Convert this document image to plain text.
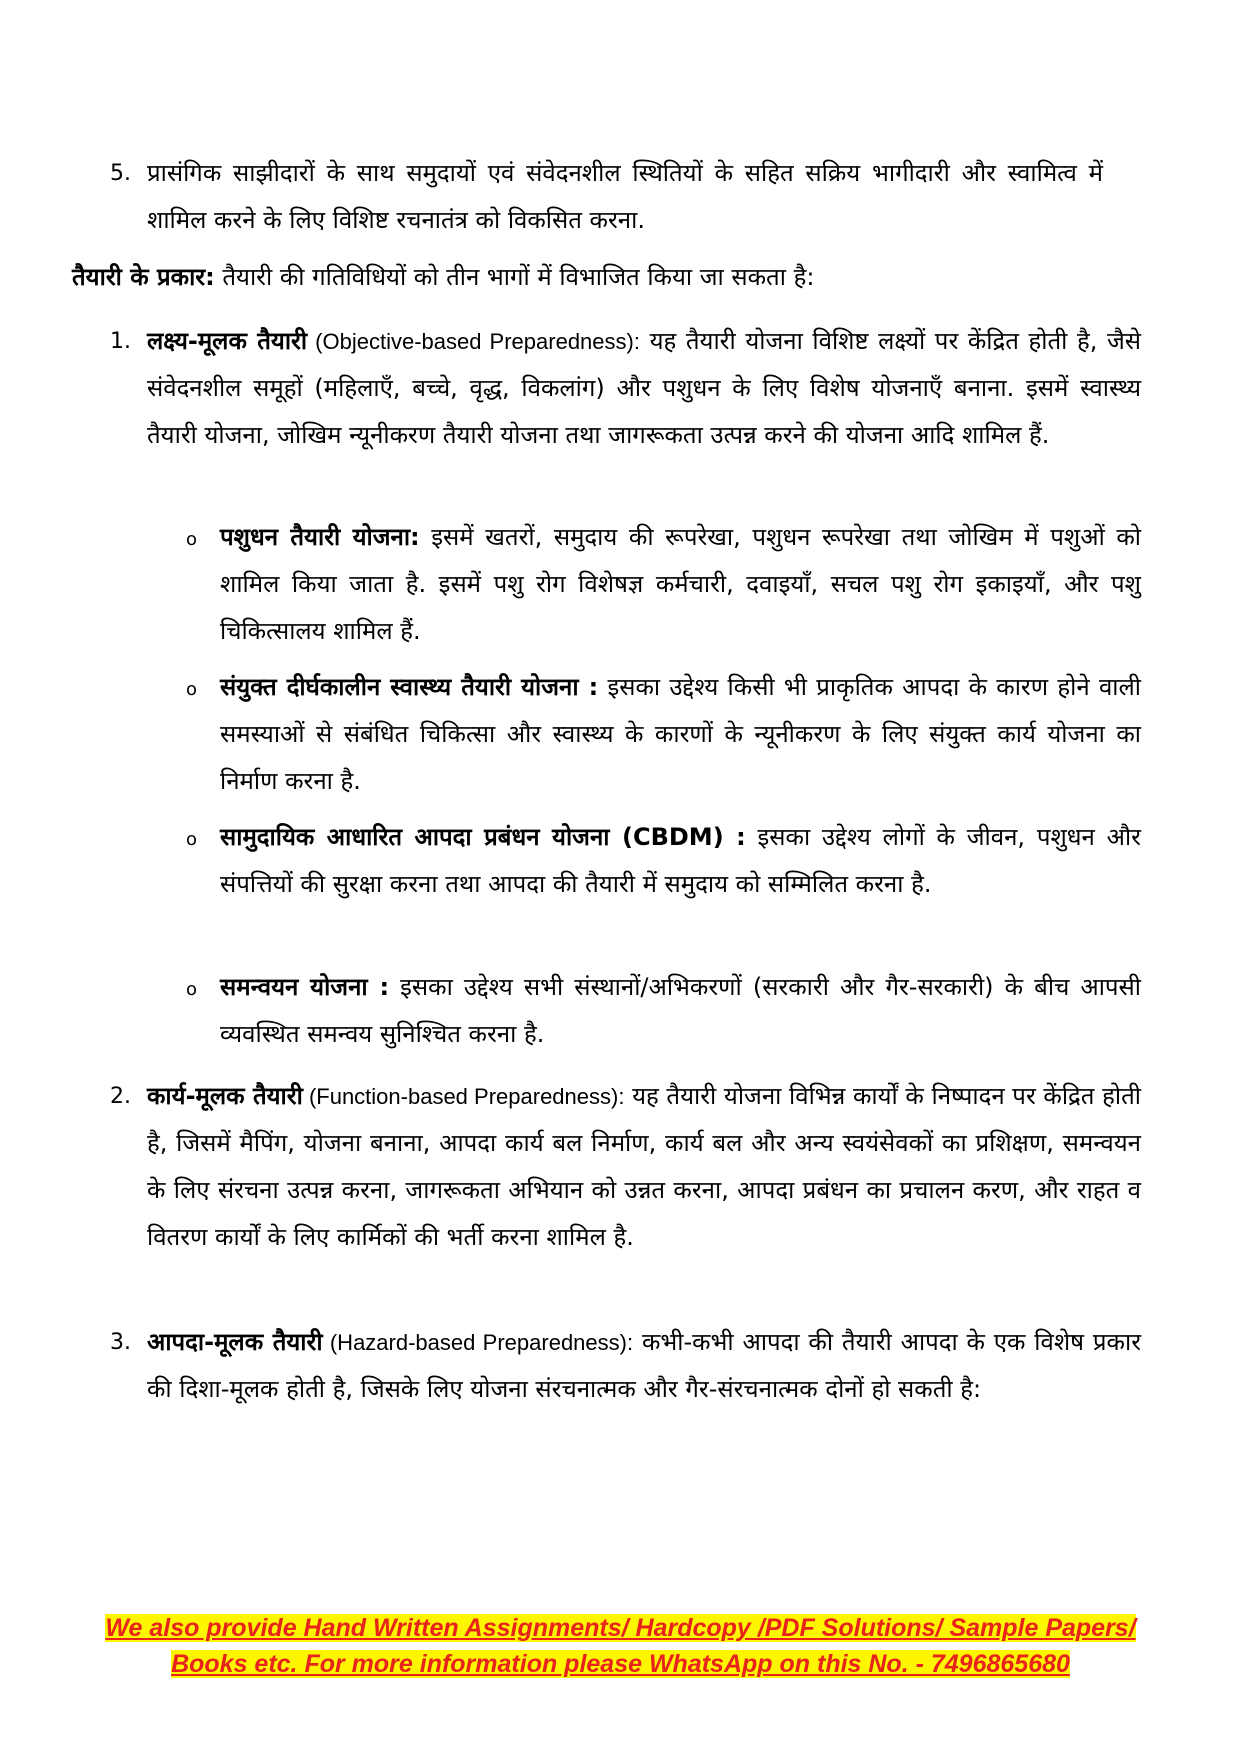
5. प्रासंगिक साझीदारों के साथ समुदायों एवं संवेदनशील स्थितियों के सहित सक्रिय भागीदारी और स्वामित्व में शामिल करने के लिए विशिष्ट रचनातंत्र को विकसित करना.
तैयारी के प्रकार: तैयारी की गतिविधियों को तीन भागों में विभाजित किया जा सकता है:
1. लक्ष्य-मूलक तैयारी (Objective-based Preparedness): यह तैयारी योजना विशिष्ट लक्ष्यों पर केंद्रित होती है, जैसे संवेदनशील समूहों (महिलाएँ, बच्चे, वृद्ध, विकलांग) और पशुधन के लिए विशेष योजनाएँ बनाना. इसमें स्वास्थ्य तैयारी योजना, जोखिम न्यूनीकरण तैयारी योजना तथा जागरूकता उत्पन्न करने की योजना आदि शामिल हैं.
o पशुधन तैयारी योजना: इसमें खतरों, समुदाय की रूपरेखा, पशुधन रूपरेखा तथा जोखिम में पशुओं को शामिल किया जाता है. इसमें पशु रोग विशेषज्ञ कर्मचारी, दवाइयाँ, सचल पशु रोग इकाइयाँ, और पशु चिकित्सालय शामिल हैं.
o संयुक्त दीर्घकालीन स्वास्थ्य तैयारी योजना : इसका उद्देश्य किसी भी प्राकृतिक आपदा के कारण होने वाली समस्याओं से संबंधित चिकित्सा और स्वास्थ्य के कारणों के न्यूनीकरण के लिए संयुक्त कार्य योजना का निर्माण करना है.
o सामुदायिक आधारित आपदा प्रबंधन योजना (CBDM) : इसका उद्देश्य लोगों के जीवन, पशुधन और संपत्तियों की सुरक्षा करना तथा आपदा की तैयारी में समुदाय को सम्मिलित करना है.
o समन्वयन योजना : इसका उद्देश्य सभी संस्थानों/अभिकरणों (सरकारी और गैर-सरकारी) के बीच आपसी व्यवस्थित समन्वय सुनिश्चित करना है.
2. कार्य-मूलक तैयारी (Function-based Preparedness): यह तैयारी योजना विभिन्न कार्यों के निष्पादन पर केंद्रित होती है, जिसमें मैपिंग, योजना बनाना, आपदा कार्य बल निर्माण, कार्य बल और अन्य स्वयंसेवकों का प्रशिक्षण, समन्वयन के लिए संरचना उत्पन्न करना, जागरूकता अभियान को उन्नत करना, आपदा प्रबंधन का प्रचालन करण, और राहत व वितरण कार्यों के लिए कार्मिकों की भर्ती करना शामिल है.
3. आपदा-मूलक तैयारी (Hazard-based Preparedness): कभी-कभी आपदा की तैयारी आपदा के एक विशेष प्रकार की दिशा-मूलक होती है, जिसके लिए योजना संरचनात्मक और गैर-संरचनात्मक दोनों हो सकती है:
We also provide Hand Written Assignments/ Hardcopy /PDF Solutions/ Sample Papers/
Books etc. For more information please WhatsApp on this No. - 7496865680
